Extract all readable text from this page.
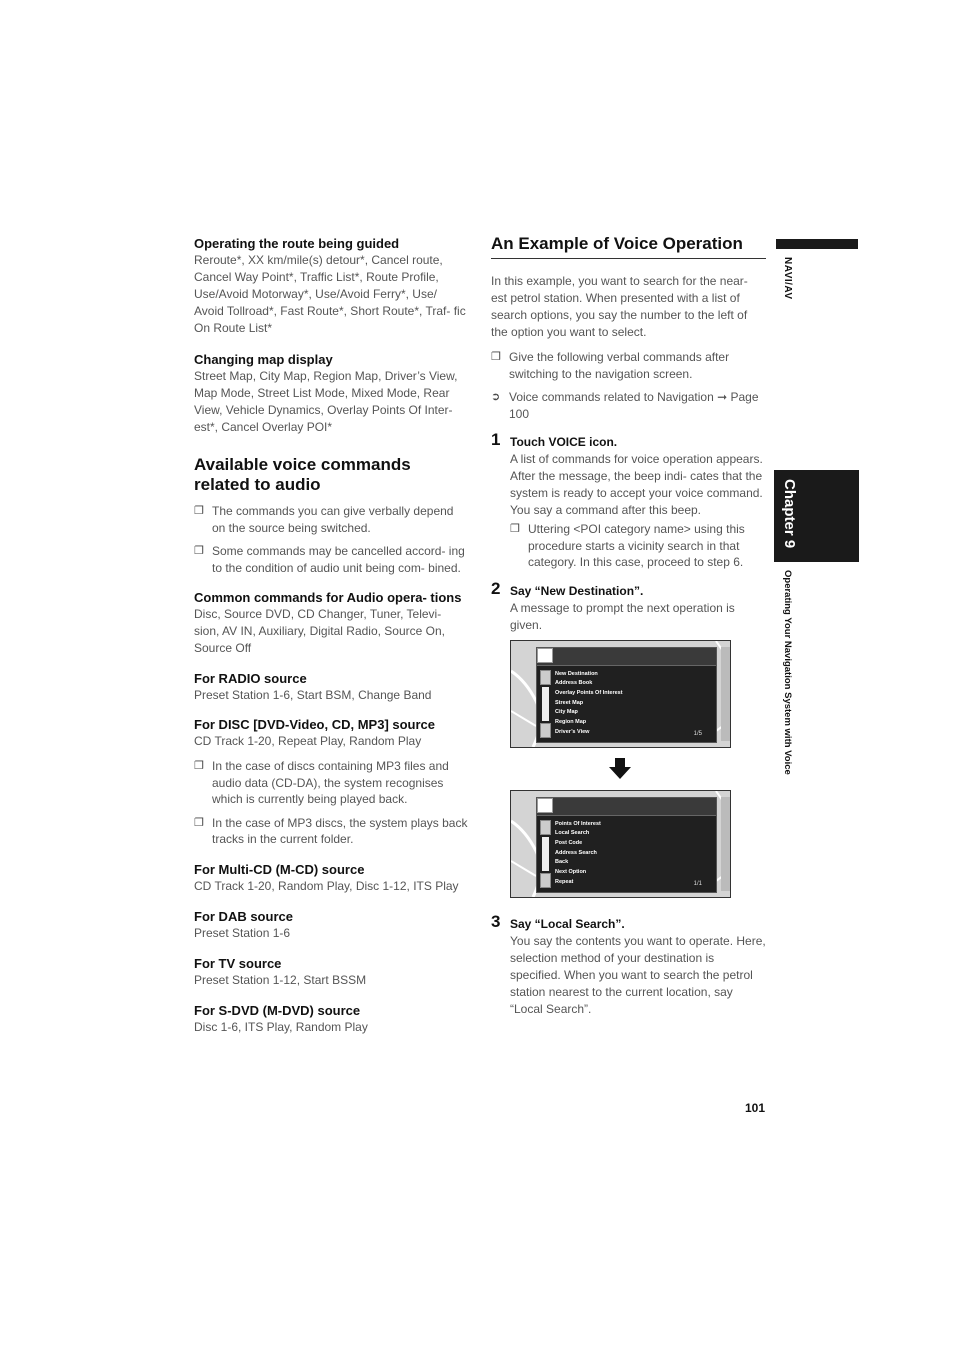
Operating the route being guided

Reroute*, XX km/mile(s) detour*, Cancel route, Cancel Way Point*, Traffic List*, Route Profile, Use/Avoid Motorway*, Use/Avoid Ferry*, Use/ Avoid Tollroad*, Fast Route*, Short Route*, Traf- fic On Route List*

Changing map display

Street Map, City Map, Region Map, Driver’s View, Map Mode, Street List Mode, Mixed Mode, Rear View, Vehicle Dynamics, Overlay Points Of Inter- est*, Cancel Overlay POI*

Available voice commands related to audio

❐ The commands you can give verbally depend on the source being switched.
❐ Some commands may be cancelled accord- ing to the condition of audio unit being com- bined.

Common commands for Audio opera- tions

Disc, Source DVD, CD Changer, Tuner, Televi- sion, AV IN, Auxiliary, Digital Radio, Source On, Source Off

For RADIO source

Preset Station 1-6, Start BSM, Change Band

For DISC [DVD-Video, CD, MP3] source

CD Track 1-20, Repeat Play, Random Play

❐ In the case of discs containing MP3 files and audio data (CD-DA), the system recognises which is currently being played back.
❐ In the case of MP3 discs, the system plays back tracks in the current folder.

For Multi-CD (M-CD) source

CD Track 1-20, Random Play, Disc 1-12, ITS Play

For DAB source

Preset Station 1-6

For TV source

Preset Station 1-12, Start BSSM

For S-DVD (M-DVD) source

Disc 1-6, ITS Play, Random Play

An Example of Voice Operation

In this example, you want to search for the near- est petrol station. When presented with a list of search options, you say the number to the left of the option you want to select.

❐ Give the following verbal commands after switching to the navigation screen.
➲ Voice commands related to Navigation ➞ Page 100
1 Touch VOICE icon.

A list of commands for voice operation appears. After the message, the beep indi- cates that the system is ready to accept your voice command. You say a command after this beep.

❐ Uttering <POI category name> using this procedure starts a vicinity search in that category. In this case, proceed to step 6.
2 Say “New Destination”.

A message to prompt the next operation is given.

New Destination
Address Book
Overlay Points Of Interest
Street Map
City Map
Region Map
Driver’s View	1/5
Points Of Interest
Local Search
Post Code
Address Search
Back
Next Option
Repeat	1/1
3 Say “Local Search”.

You say the contents you want to operate. Here, selection method of your destination is specified. When you want to search the petrol station nearest to the current location, say “Local Search”.

NAVI/AV
Chapter 9
Operating Your Navigation System with Voice
101
